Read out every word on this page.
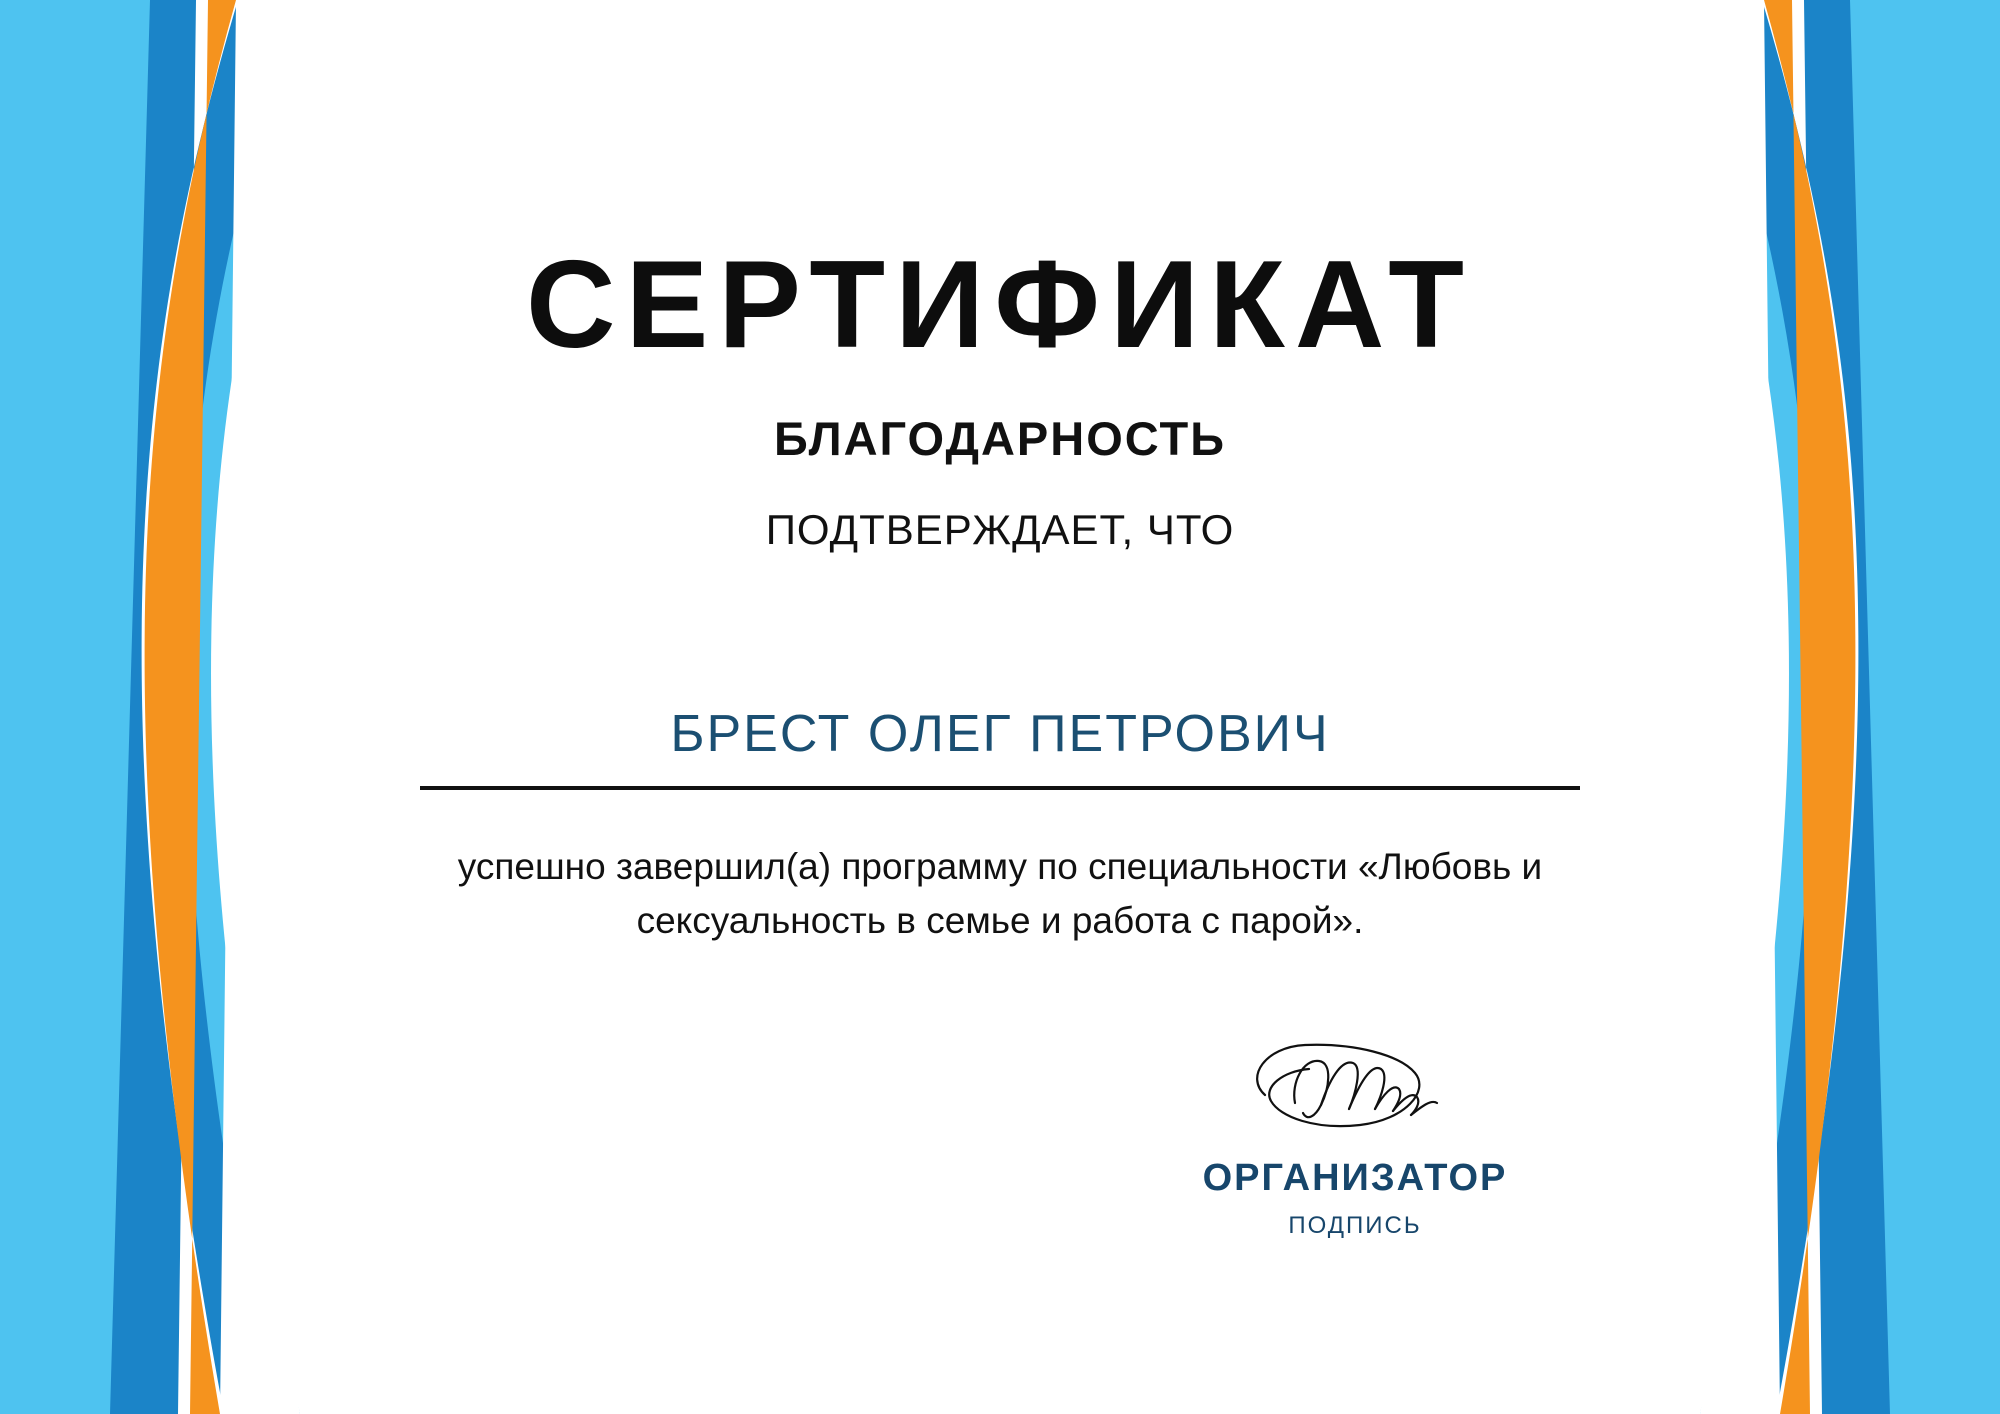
СЕРТИФИКАТ
БЛАГОДАРНОСТЬ
ПОДТВЕРЖДАЕТ, ЧТО
БРЕСТ ОЛЕГ ПЕТРОВИЧ
успешно завершил(а) программу по специальности «Любовь и сексуальность в семье и работа с парой».
ОРГАНИЗАТОР
ПОДПИСЬ
